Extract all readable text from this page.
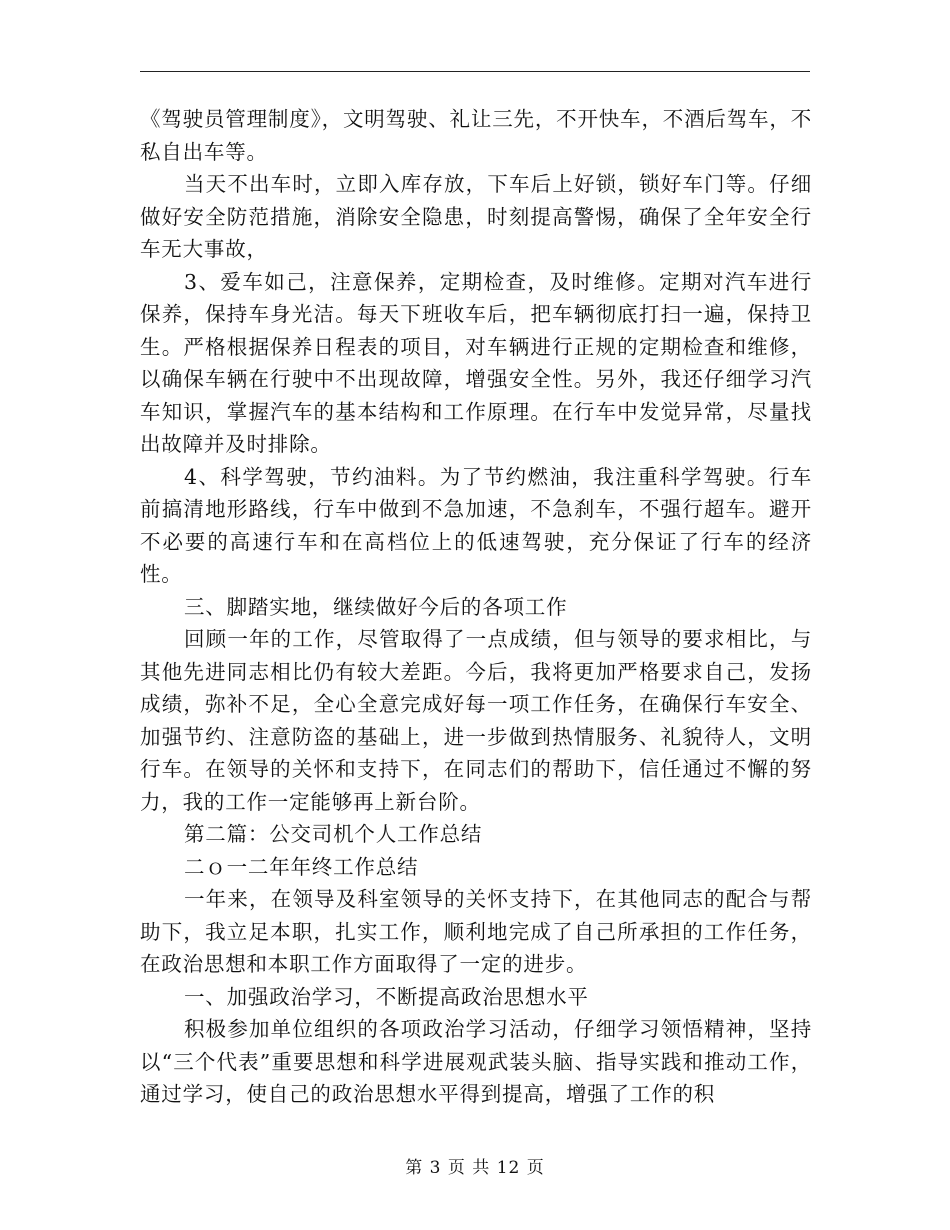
《驾驶员管理制度》，文明驾驶、礼让三先，不开快车，不酒后驾车，不私自出车等。

当天不出车时，立即入库存放，下车后上好锁，锁好车门等。仔细做好安全防范措施，消除安全隐患，时刻提高警惕，确保了全年安全行车无大事故，

3、爱车如己，注意保养，定期检查，及时维修。定期对汽车进行保养，保持车身光洁。每天下班收车后，把车辆彻底打扫一遍，保持卫生。严格根据保养日程表的项目，对车辆进行正规的定期检查和维修，以确保车辆在行驶中不出现故障，增强安全性。另外，我还仔细学习汽车知识，掌握汽车的基本结构和工作原理。在行车中发觉异常，尽量找出故障并及时排除。

4、科学驾驶，节约油料。为了节约燃油，我注重科学驾驶。行车前搞清地形路线，行车中做到不急加速，不急刹车，不强行超车。避开不必要的高速行车和在高档位上的低速驾驶，充分保证了行车的经济性。

三、脚踏实地，继续做好今后的各项工作

回顾一年的工作，尽管取得了一点成绩，但与领导的要求相比，与其他先进同志相比仍有较大差距。今后，我将更加严格要求自己，发扬成绩，弥补不足，全心全意完成好每一项工作任务，在确保行车安全、加强节约、注意防盗的基础上，进一步做到热情服务、礼貌待人，文明行车。在领导的关怀和支持下，在同志们的帮助下，信任通过不懈的努力，我的工作一定能够再上新台阶。

第二篇：公交司机个人工作总结

二ｏ一二年年终工作总结

一年来，在领导及科室领导的关怀支持下，在其他同志的配合与帮助下，我立足本职，扎实工作，顺利地完成了自己所承担的工作任务，在政治思想和本职工作方面取得了一定的进步。

一、加强政治学习，不断提高政治思想水平

积极参加单位组织的各项政治学习活动，仔细学习领悟精神，坚持以“三个代表”重要思想和科学进展观武装头脑、指导实践和推动工作，通过学习，使自己的政治思想水平得到提高，增强了工作的积

第 3 页 共 12 页
